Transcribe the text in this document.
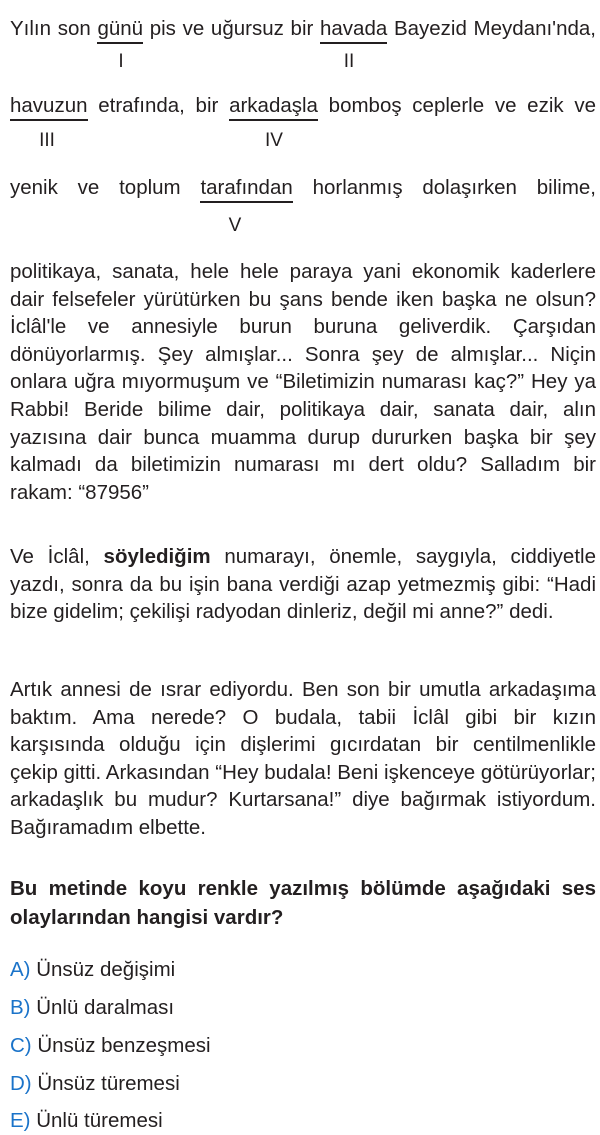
Yılın son günü pis ve uğursuz bir havada Bayezid Meydanı'nda,
I	II
havuzun etrafında, bir arkadaşla bomboş ceplerle ve ezik ve
III	IV
yenik ve toplum tarafından horlanmış dolaşırken bilime,
V
politikaya, sanata, hele hele paraya yani ekonomik kaderlere dair felsefeler yürütürken bu şans bende iken başka ne olsun? İclâl'le ve annesiyle burun buruna geliverdik. Çarşıdan dönüyorlarmış. Şey almışlar... Sonra şey de almışlar... Niçin onlara uğra mıyormuşum ve “Biletimizin numarası kaç?” Hey ya Rabbi! Beride bilime dair, politikaya dair, sanata dair, alın yazısına dair bunca muamma durup dururken başka bir şey kalmadı da biletimizin numarası mı dert oldu? Salladım bir rakam: “87956”
Ve İclâl, söylediğim numarayı, önemle, saygıyla, ciddiyetle yazdı, sonra da bu işin bana verdiği azap yetmezmiş gibi: “Hadi bize gidelim; çekilişi radyodan dinleriz, değil mi anne?” dedi.
Artık annesi de ısrar ediyordu. Ben son bir umutla arkadaşıma baktım. Ama nerede? O budala, tabii İclâl gibi bir kızın karşısında olduğu için dişlerimi gıcırdatan bir centilmenlikle çekip gitti. Arkasından “Hey budala! Beni işkenceye götürüyorlar; arkadaşlık bu mudur? Kurtarsana!” diye bağırmak istiyordum. Bağıramadım elbette.
Bu metinde koyu renkle yazılmış bölümde aşağıdaki ses olaylarından hangisi vardır?
A) Ünsüz değişimi
B) Ünlü daralması
C) Ünsüz benzeşmesi
D) Ünsüz türemesi
E) Ünlü türemesi
